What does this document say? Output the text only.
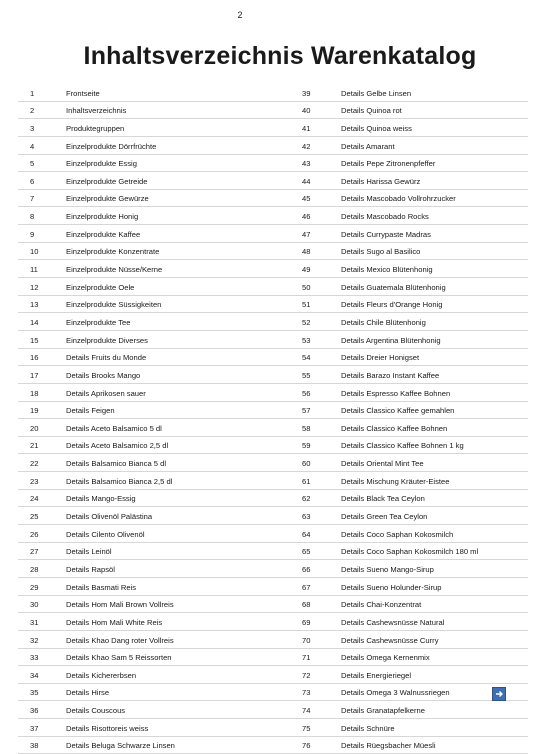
2
Inhaltsverzeichnis Warenkatalog
1	Frontseite	39	Details Gelbe Linsen
2	Inhaltsverzeichnis	40	Details Quinoa rot
3	Produktegruppen	41	Details Quinoa weiss
4	Einzelprodukte Dörrfrüchte	42	Details Amarant
5	Einzelprodukte Essig	43	Details Pepe Zitronenpfeffer
6	Einzelprodukte Getreide	44	Details Harissa Gewürz
7	Einzelprodukte Gewürze	45	Details Mascobado Vollrohrzucker
8	Einzelprodukte Honig	46	Details Mascobado Rocks
9	Einzelprodukte Kaffee	47	Details Currypaste Madras
10	Einzelprodukte Konzentrate	48	Details Sugo al Basilico
11	Einzelprodukte Nüsse/Kerne	49	Details Mexico Blütenhonig
12	Einzelprodukte Oele	50	Details Guatemala Blütenhonig
13	Einzelprodukte Süssigkeiten	51	Details Fleurs d'Orange Honig
14	Einzelprodukte Tee	52	Details Chile Blütenhonig
15	Einzelprodukte Diverses	53	Details Argentina Blütenhonig
16	Details Fruits du Monde	54	Details Dreier Honigset
17	Details Brooks Mango	55	Details Barazo Instant Kaffee
18	Details Aprikosen sauer	56	Details Espresso Kaffee Bohnen
19	Details Feigen	57	Details Classico Kaffee gemahlen
20	Details Aceto Balsamico 5 dl	58	Details Classico Kaffee Bohnen
21	Details Aceto Balsamico 2,5 dl	59	Details Classico Kaffee Bohnen 1 kg
22	Details Balsamico Bianca 5 dl	60	Details Oriental Mint Tee
23	Details Balsamico Bianca 2,5 dl	61	Details Mischung Kräuter-Eistee
24	Details Mango-Essig	62	Details Black Tea Ceylon
25	Details Olivenöl Palästina	63	Details Green Tea Ceylon
26	Details Cilento Olivenöl	64	Details Coco Saphan Kokosmilch
27	Details Leinöl	65	Details Coco Saphan Kokosmilch 180 ml
28	Details Rapsöl	66	Details Sueno Mango-Sirup
29	Details Basmati Reis	67	Details Sueno Holunder-Sirup
30	Details Hom Mali Brown Vollreis	68	Details Chai-Konzentrat
31	Details Hom Mali White Reis	69	Details Cashewsnüsse Natural
32	Details Khao Dang roter Vollreis	70	Details Cashewsnüsse Curry
33	Details Khao Sam 5 Reissorten	71	Details Omega Kernenmix
34	Details Kichererbsen	72	Details Energieriegel
35	Details Hirse	73	Details Omega 3 Walnussriegen
36	Details Couscous	74	Details Granatapfelkerne
37	Details Risottoreis weiss	75	Details Schnüre
38	Details Beluga Schwarze Linsen	76	Details Rüegsbacher Müesli
